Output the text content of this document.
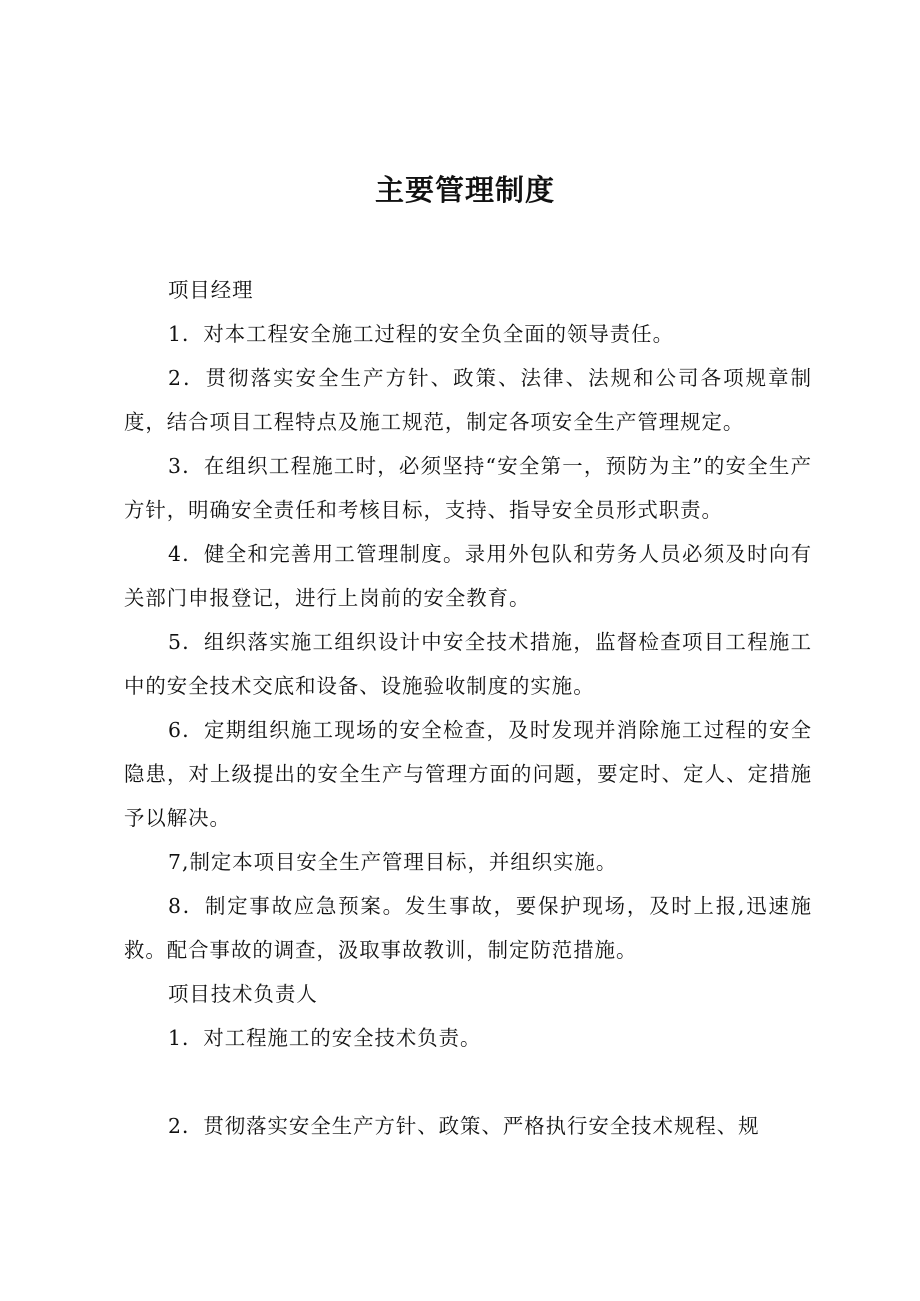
主要管理制度

项目经理

1．对本工程安全施工过程的安全负全面的领导责任。

2．贯彻落实安全生产方针、政策、法律、法规和公司各项规章制度，结合项目工程特点及施工规范，制定各项安全生产管理规定。

3．在组织工程施工时，必须坚持“安全第一，预防为主”的安全生产方针，明确安全责任和考核目标，支持、指导安全员形式职责。

4．健全和完善用工管理制度。录用外包队和劳务人员必须及时向有关部门申报登记，进行上岗前的安全教育。

5．组织落实施工组织设计中安全技术措施，监督检查项目工程施工中的安全技术交底和设备、设施验收制度的实施。

6．定期组织施工现场的安全检查，及时发现并消除施工过程的安全隐患，对上级提出的安全生产与管理方面的问题，要定时、定人、定措施予以解决。

7,制定本项目安全生产管理目标，并组织实施。

8．制定事故应急预案。发生事故，要保护现场，及时上报,迅速施救。配合事故的调查，汲取事故教训，制定防范措施。

项目技术负责人

1．对工程施工的安全技术负责。

2．贯彻落实安全生产方针、政策、严格执行安全技术规程、规
